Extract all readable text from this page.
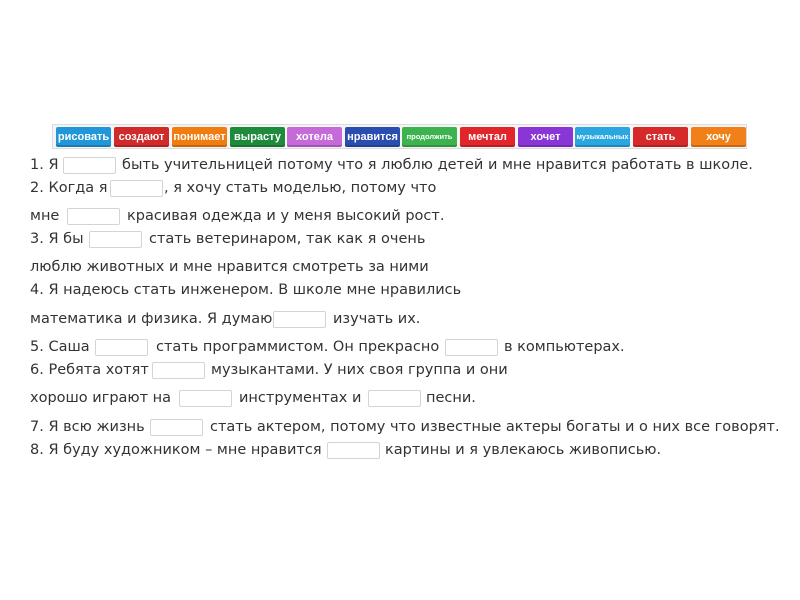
рисовать создают понимает вырасту	хотела	нравится	продолжить	мечтал	хочет	музыкальных	стать	хочу
1. Я	быть учительницей потому что я люблю детей и мне нравится работать в школе.
2. Когда я	, я хочу стать моделью, потому что
мне	красивая одежда и у меня высокий рост.
3. Я бы	стать ветеринаром, так как я очень
люблю животных и мне нравится смотреть за ними
4. Я надеюсь стать инженером. В школе мне нравились
математика и физика. Я думаю	изучать их.
5. Саша	стать программистом. Он прекрасно	в компьютерах.
6. Ребята хотят	музыкантами. У них своя группа и они
хорошо играют на	инструментах и	песни.
7. Я всю жизнь	стать актером, потому что известные актеры богаты и о них все говорят.
8. Я буду художником – мне нравится	картины и я увлекаюсь живописью.
